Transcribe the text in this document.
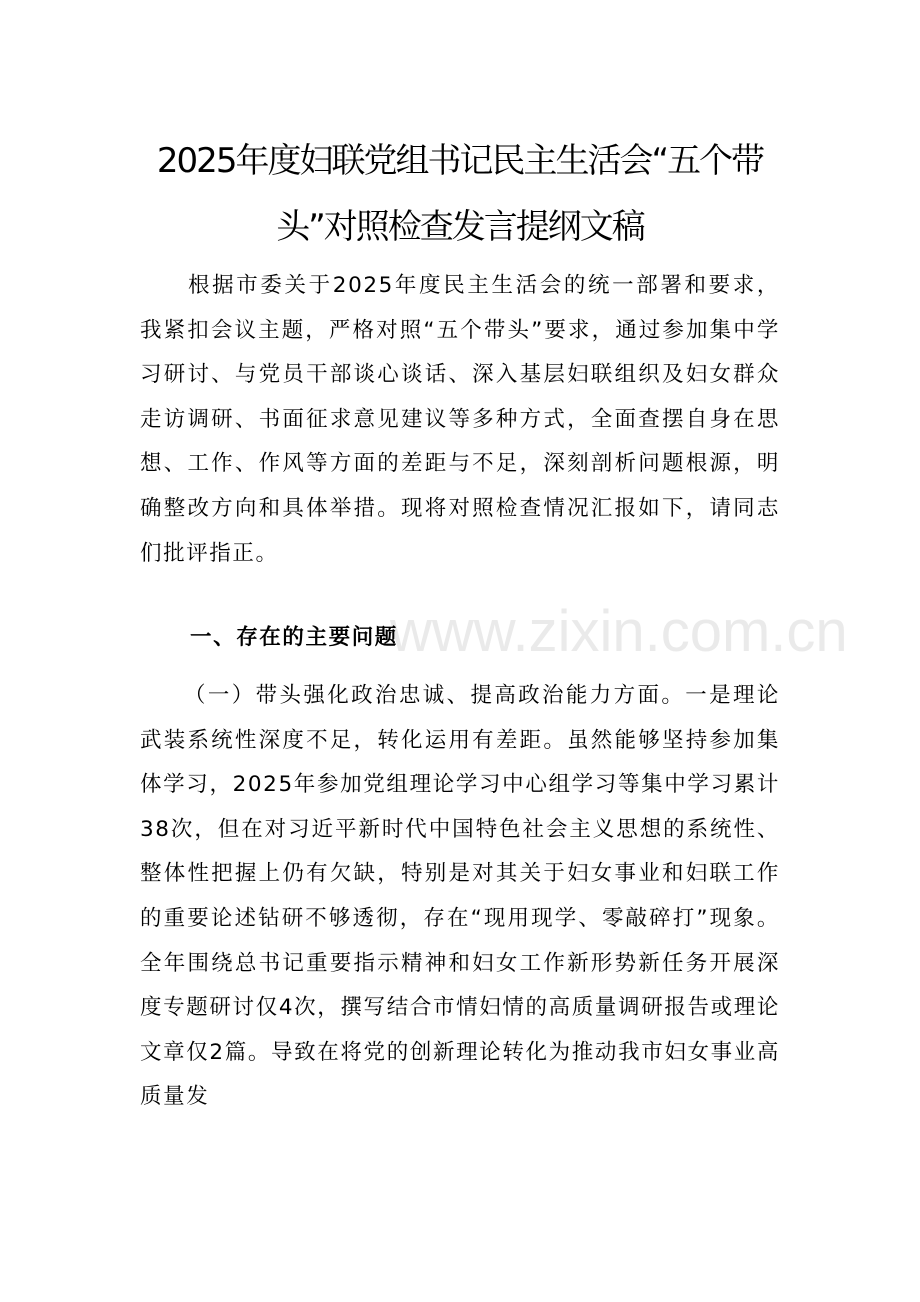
www.zixin.com.cn
2025年度妇联党组书记民主生活会“五个带头”对照检查发言提纲文稿

根据市委关于2025年度民主生活会的统一部署和要求，我紧扣会议主题，严格对照“五个带头”要求，通过参加集中学习研讨、与党员干部谈心谈话、深入基层妇联组织及妇女群众走访调研、书面征求意见建议等多种方式，全面查摆自身在思想、工作、作风等方面的差距与不足，深刻剖析问题根源，明确整改方向和具体举措。现将对照检查情况汇报如下，请同志们批评指正。

一、存在的主要问题

（一）带头强化政治忠诚、提高政治能力方面。一是理论武装系统性深度不足，转化运用有差距。虽然能够坚持参加集体学习，2025年参加党组理论学习中心组学习等集中学习累计38次，但在对习近平新时代中国特色社会主义思想的系统性、整体性把握上仍有欠缺，特别是对其关于妇女事业和妇联工作的重要论述钻研不够透彻，存在“现用现学、零敲碎打”现象。全年围绕总书记重要指示精神和妇女工作新形势新任务开展深度专题研讨仅4次，撰写结合市情妇情的高质量调研报告或理论文章仅2篇。导致在将党的创新理论转化为推动我市妇女事业高质量发
